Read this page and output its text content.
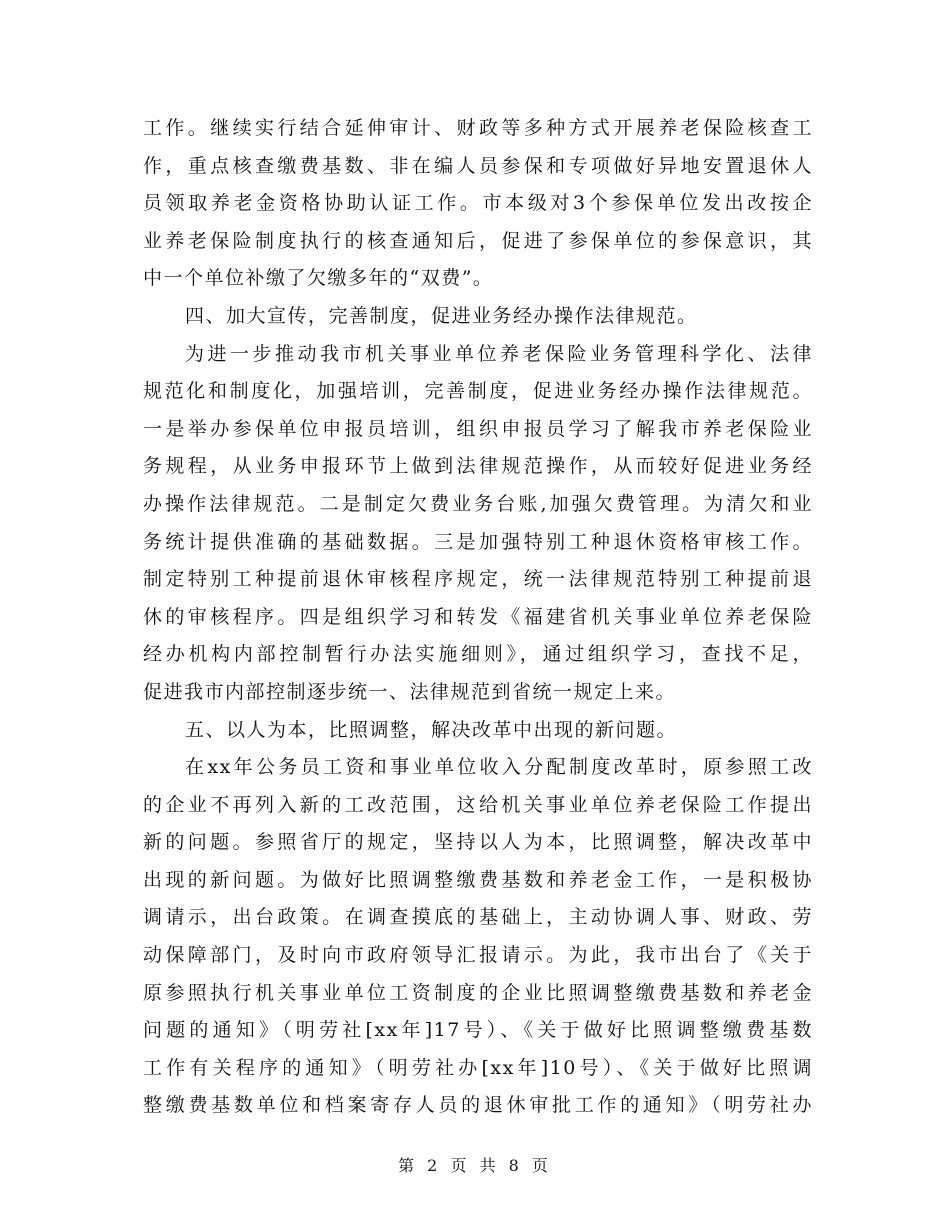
工作。继续实行结合延伸审计、财政等多种方式开展养老保险核查工
作，重点核查缴费基数、非在编人员参保和专项做好异地安置退休人
员领取养老金资格协助认证工作。市本级对3个参保单位发出改按企
业养老保险制度执行的核查通知后，促进了参保单位的参保意识，其
中一个单位补缴了欠缴多年的“双费”。
四、加大宣传，完善制度，促进业务经办操作法律规范。
为进一步推动我市机关事业单位养老保险业务管理科学化、法律
规范化和制度化，加强培训，完善制度，促进业务经办操作法律规范。
一是举办参保单位申报员培训，组织申报员学习了解我市养老保险业
务规程，从业务申报环节上做到法律规范操作，从而较好促进业务经
办操作法律规范。二是制定欠费业务台账,加强欠费管理。为清欠和业
务统计提供准确的基础数据。三是加强特别工种退休资格审核工作。
制定特别工种提前退休审核程序规定，统一法律规范特别工种提前退
休的审核程序。四是组织学习和转发《福建省机关事业单位养老保险
经办机构内部控制暂行办法实施细则》，通过组织学习，查找不足，
促进我市内部控制逐步统一、法律规范到省统一规定上来。
五、以人为本，比照调整，解决改革中出现的新问题。
在xx年公务员工资和事业单位收入分配制度改革时，原参照工改
的企业不再列入新的工改范围，这给机关事业单位养老保险工作提出
新的问题。参照省厅的规定，坚持以人为本，比照调整，解决改革中
出现的新问题。为做好比照调整缴费基数和养老金工作，一是积极协
调请示，出台政策。在调查摸底的基础上，主动协调人事、财政、劳
动保障部门，及时向市政府领导汇报请示。为此，我市出台了《关于
原参照执行机关事业单位工资制度的企业比照调整缴费基数和养老金
问题的通知》（明劳社[xx年]17号）、《关于做好比照调整缴费基数
工作有关程序的通知》（明劳社办[xx年]10号）、《关于做好比照调
整缴费基数单位和档案寄存人员的退休审批工作的通知》（明劳社办
第 2 页 共 8 页
